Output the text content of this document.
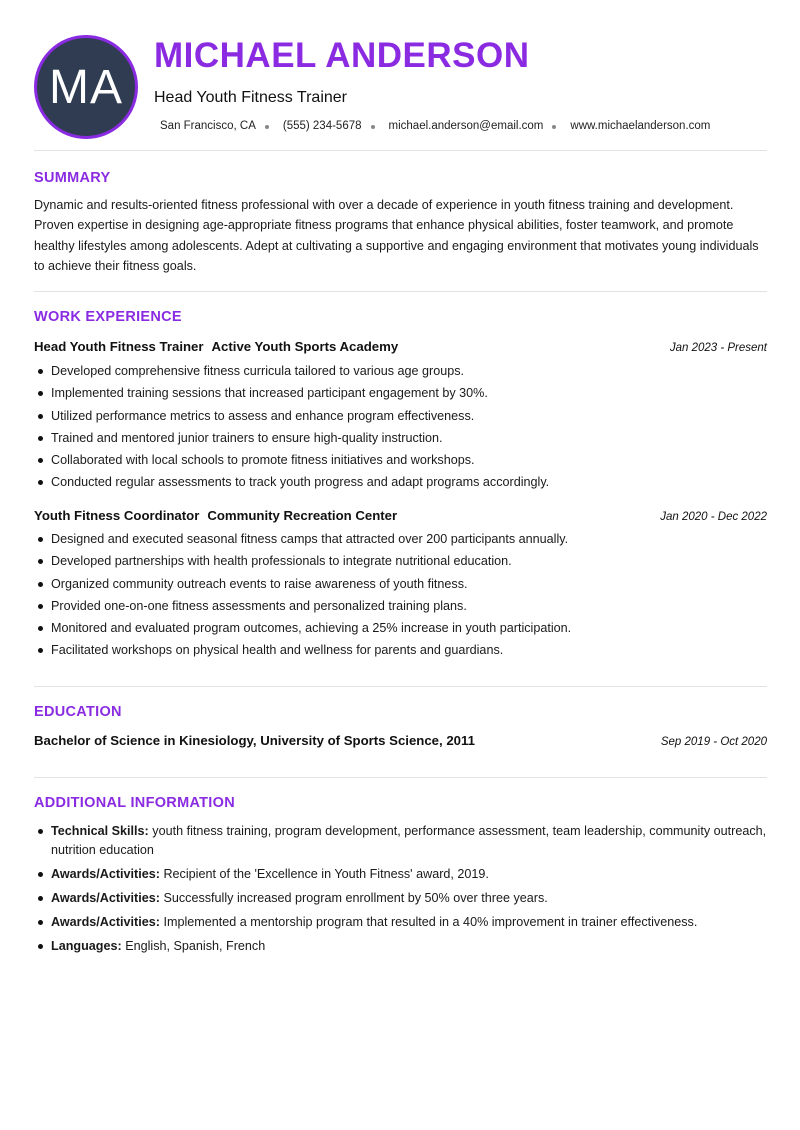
MA
MICHAEL ANDERSON
Head Youth Fitness Trainer
San Francisco, CA (555) 234-5678 michael.anderson@email.com www.michaelanderson.com
SUMMARY

Dynamic and results-oriented fitness professional with over a decade of experience in youth fitness training and development. Proven expertise in designing age-appropriate fitness programs that enhance physical abilities, foster teamwork, and promote healthy lifestyles among adolescents. Adept at cultivating a supportive and engaging environment that motivates young individuals to achieve their fitness goals.

WORK EXPERIENCE
Head Youth Fitness Trainer Active Youth Sports Academy	Jan 2023 - Present
Developed comprehensive fitness curricula tailored to various age groups.
Implemented training sessions that increased participant engagement by 30%.
Utilized performance metrics to assess and enhance program effectiveness.
Trained and mentored junior trainers to ensure high-quality instruction.
Collaborated with local schools to promote fitness initiatives and workshops.
Conducted regular assessments to track youth progress and adapt programs accordingly.
Youth Fitness Coordinator Community Recreation Center	Jan 2020 - Dec 2022
Designed and executed seasonal fitness camps that attracted over 200 participants annually.
Developed partnerships with health professionals to integrate nutritional education.
Organized community outreach events to raise awareness of youth fitness.
Provided one-on-one fitness assessments and personalized training plans.
Monitored and evaluated program outcomes, achieving a 25% increase in youth participation.
Facilitated workshops on physical health and wellness for parents and guardians.
EDUCATION
Bachelor of Science in Kinesiology, University of Sports Science, 2011	Sep 2019 - Oct 2020
ADDITIONAL INFORMATION
Technical Skills: youth fitness training, program development, performance assessment, team leadership, community outreach, nutrition education
Awards/Activities: Recipient of the 'Excellence in Youth Fitness' award, 2019.
Awards/Activities: Successfully increased program enrollment by 50% over three years.
Awards/Activities: Implemented a mentorship program that resulted in a 40% improvement in trainer effectiveness.
Languages: English, Spanish, French
